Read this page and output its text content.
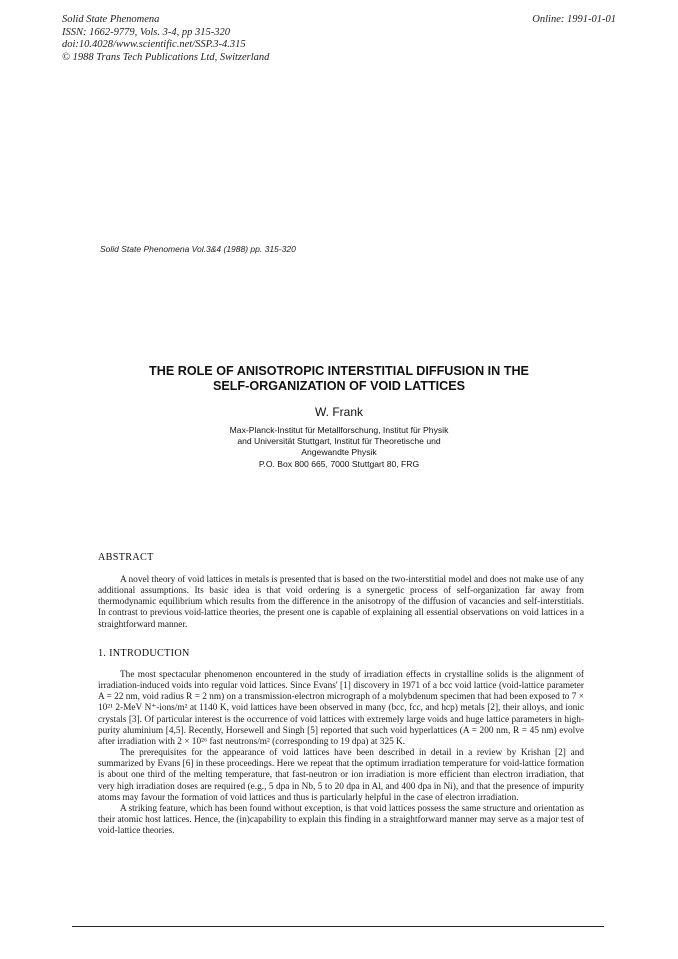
Solid State Phenomena
ISSN: 1662-9779, Vols. 3-4, pp 315-320
doi:10.4028/www.scientific.net/SSP.3-4.315
© 1988 Trans Tech Publications Ltd, Switzerland
Online: 1991-01-01
Solid State Phenomena Vol.3&4 (1988) pp. 315-320
THE ROLE OF ANISOTROPIC INTERSTITIAL DIFFUSION IN THE
SELF-ORGANIZATION OF VOID LATTICES
W. Frank
Max-Planck-Institut für Metallforschung, Institut für Physik
and Universität Stuttgart, Institut für Theoretische und
Angewandte Physik
P.O. Box 800 665, 7000 Stuttgart 80, FRG
ABSTRACT

A novel theory of void lattices in metals is presented that is based on the two-interstitial model and does not make use of any additional assumptions. Its basic idea is that void ordering is a synergetic process of self-organization far away from thermodynamic equilibrium which results from the difference in the anisotropy of the diffusion of vacancies and self-interstitials. In contrast to previous void-lattice theories, the present one is capable of explaining all essential observations on void lattices in a straightforward manner.

1. INTRODUCTION

The most spectacular phenomenon encountered in the study of irradiation effects in crystalline solids is the alignment of irradiation-induced voids into regular void lattices. Since Evans' [1] discovery in 1971 of a bcc void lattice (void-lattice parameter A = 22 nm, void radius R = 2 nm) on a transmission-electron micrograph of a molybdenum specimen that had been exposed to 7 × 10²¹ 2-MeV N⁺-ions/m² at 1140 K, void lattices have been observed in many (bcc, fcc, and hcp) metals [2], their alloys, and ionic crystals [3]. Of particular interest is the occurrence of void lattices with extremely large voids and huge lattice parameters in high-purity aluminium [4,5]. Recently, Horsewell and Singh [5] reported that such void hyperlattices (A = 200 nm, R = 45 nm) evolve after irradiation with 2 × 10²⁶ fast neutrons/m² (corresponding to 19 dpa) at 325 K.

The prerequisites for the appearance of void lattices have been described in detail in a review by Krishan [2] and summarized by Evans [6] in these proceedings. Here we repeat that the optimum irradiation temperature for void-lattice formation is about one third of the melting temperature, that fast-neutron or ion irradiation is more efficient than electron irradiation, that very high irradiation doses are required (e.g., 5 dpa in Nb, 5 to 20 dpa in Al, and 400 dpa in Ni), and that the presence of impurity atoms may favour the formation of void lattices and thus is particularly helpful in the case of electron irradiation.

A striking feature, which has been found without exception, is that void lattices possess the same structure and orientation as their atomic host lattices. Hence, the (in)capability to explain this finding in a straightforward manner may serve as a major test of void-lattice theories.
